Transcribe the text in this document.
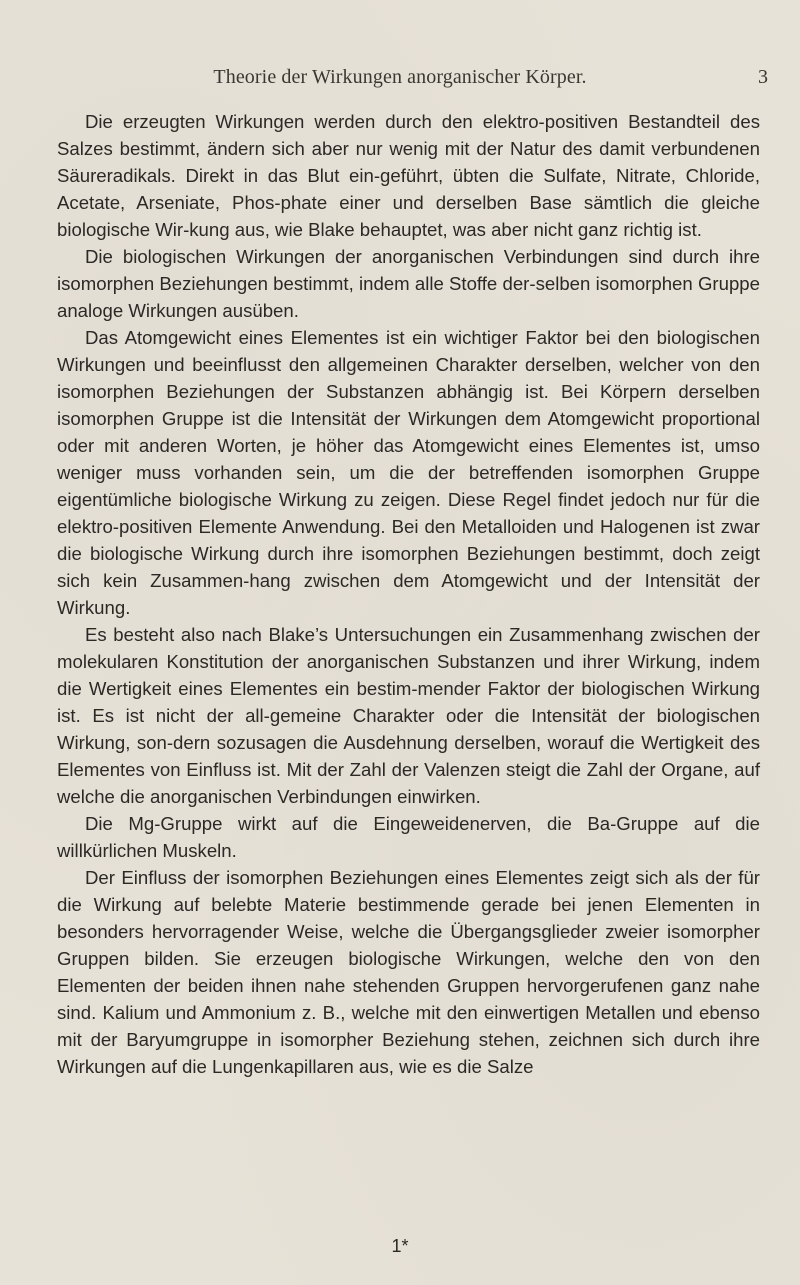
Theorie der Wirkungen anorganischer Körper.	3

Die erzeugten Wirkungen werden durch den elektro-positiven Bestandteil des Salzes bestimmt, ändern sich aber nur wenig mit der Natur des damit verbundenen Säureradikals. Direkt in das Blut ein-geführt, übten die Sulfate, Nitrate, Chloride, Acetate, Arseniate, Phos-phate einer und derselben Base sämtlich die gleiche biologische Wir-kung aus, wie Blake behauptet, was aber nicht ganz richtig ist.

Die biologischen Wirkungen der anorganischen Verbindungen sind durch ihre isomorphen Beziehungen bestimmt, indem alle Stoffe der-selben isomorphen Gruppe analoge Wirkungen ausüben.

Das Atomgewicht eines Elementes ist ein wichtiger Faktor bei den biologischen Wirkungen und beeinflusst den allgemeinen Charakter derselben, welcher von den isomorphen Beziehungen der Substanzen abhängig ist. Bei Körpern derselben isomorphen Gruppe ist die Intensität der Wirkungen dem Atomgewicht proportional oder mit anderen Worten, je höher das Atomgewicht eines Elementes ist, umso weniger muss vorhanden sein, um die der betreffenden isomorphen Gruppe eigentümliche biologische Wirkung zu zeigen. Diese Regel findet jedoch nur für die elektro-positiven Elemente Anwendung. Bei den Metalloiden und Halogenen ist zwar die biologische Wirkung durch ihre isomorphen Beziehungen bestimmt, doch zeigt sich kein Zusammen-hang zwischen dem Atomgewicht und der Intensität der Wirkung.

Es besteht also nach Blake’s Untersuchungen ein Zusammenhang zwischen der molekularen Konstitution der anorganischen Substanzen und ihrer Wirkung, indem die Wertigkeit eines Elementes ein bestim-mender Faktor der biologischen Wirkung ist. Es ist nicht der all-gemeine Charakter oder die Intensität der biologischen Wirkung, son-dern sozusagen die Ausdehnung derselben, worauf die Wertigkeit des Elementes von Einfluss ist. Mit der Zahl der Valenzen steigt die Zahl der Organe, auf welche die anorganischen Verbindungen einwirken.

Die Mg-Gruppe wirkt auf die Eingeweidenerven, die Ba-Gruppe auf die willkürlichen Muskeln.

Der Einfluss der isomorphen Beziehungen eines Elementes zeigt sich als der für die Wirkung auf belebte Materie bestimmende gerade bei jenen Elementen in besonders hervorragender Weise, welche die Übergangsglieder zweier isomorpher Gruppen bilden. Sie erzeugen biologische Wirkungen, welche den von den Elementen der beiden ihnen nahe stehenden Gruppen hervorgerufenen ganz nahe sind. Kalium und Ammonium z. B., welche mit den einwertigen Metallen und ebenso mit der Baryumgruppe in isomorpher Beziehung stehen, zeichnen sich durch ihre Wirkungen auf die Lungenkapillaren aus, wie es die Salze

1*
